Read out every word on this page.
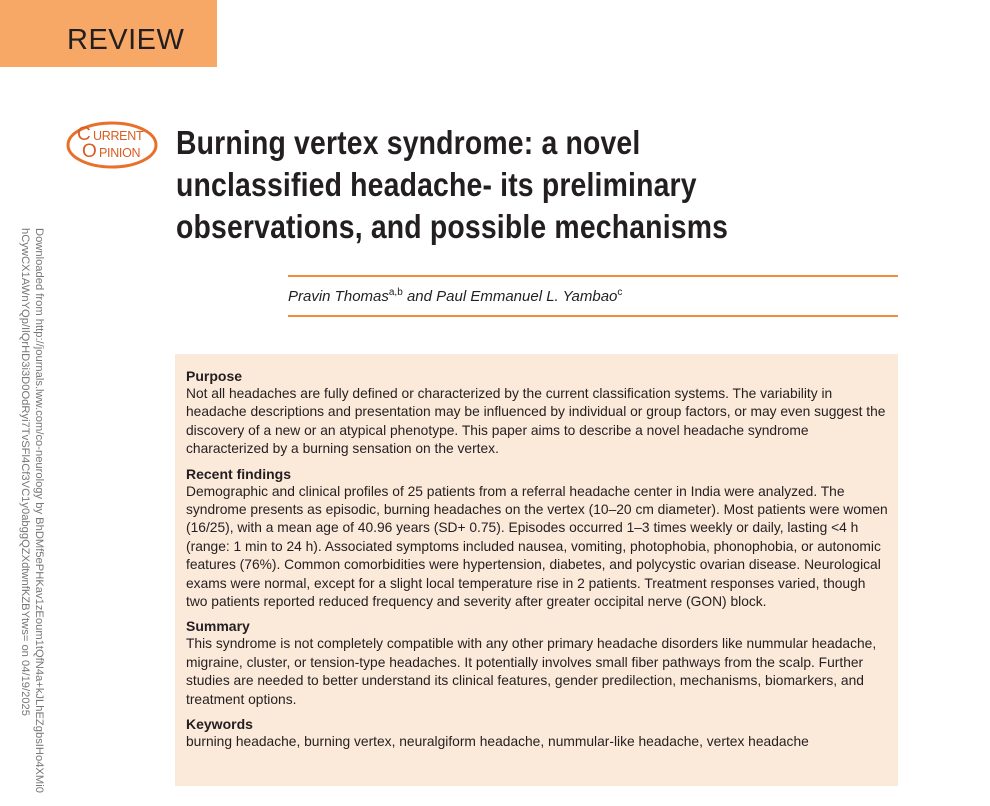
REVIEW
Downloaded from http://journals.lww.com/co-neurology by BhDMf5ePHKav1zEoum1tQfN4a+kJLhEZgbsIHo4XMi0hCywCX1AWnYQp/IlQrHD3i3D0OdRyi7TvSFl4Cf3VC1y0abggQZXdtwnfKZBYtws= on 04/19/2025
C URRENT
O PINION Burning vertex syndrome: a novel unclassified headache- its preliminary observations, and possible mechanisms
Pravin Thomas$^{a,b}$ and Paul Emmanuel L. Yambao$^c$
Purpose

Not all headaches are fully defined or characterized by the current classification systems. The variability in headache descriptions and presentation may be influenced by individual or group factors, or may even suggest the discovery of a new or an atypical phenotype. This paper aims to describe a novel headache syndrome characterized by a burning sensation on the vertex.

Recent findings

Demographic and clinical profiles of 25 patients from a referral headache center in India were analyzed. The syndrome presents as episodic, burning headaches on the vertex (10–20 cm diameter). Most patients were women (16/25), with a mean age of 40.96 years (SD+ 0.75). Episodes occurred 1–3 times weekly or daily, lasting <4 h (range: 1 min to 24 h). Associated symptoms included nausea, vomiting, photophobia, phonophobia, or autonomic features (76%). Common comorbidities were hypertension, diabetes, and polycystic ovarian disease. Neurological exams were normal, except for a slight local temperature rise in 2 patients. Treatment responses varied, though two patients reported reduced frequency and severity after greater occipital nerve (GON) block.

Summary

This syndrome is not completely compatible with any other primary headache disorders like nummular headache, migraine, cluster, or tension-type headaches. It potentially involves small fiber pathways from the scalp. Further studies are needed to better understand its clinical features, gender predilection, mechanisms, biomarkers, and treatment options.

Keywords

burning headache, burning vertex, neuralgiform headache, nummular-like headache, vertex headache
